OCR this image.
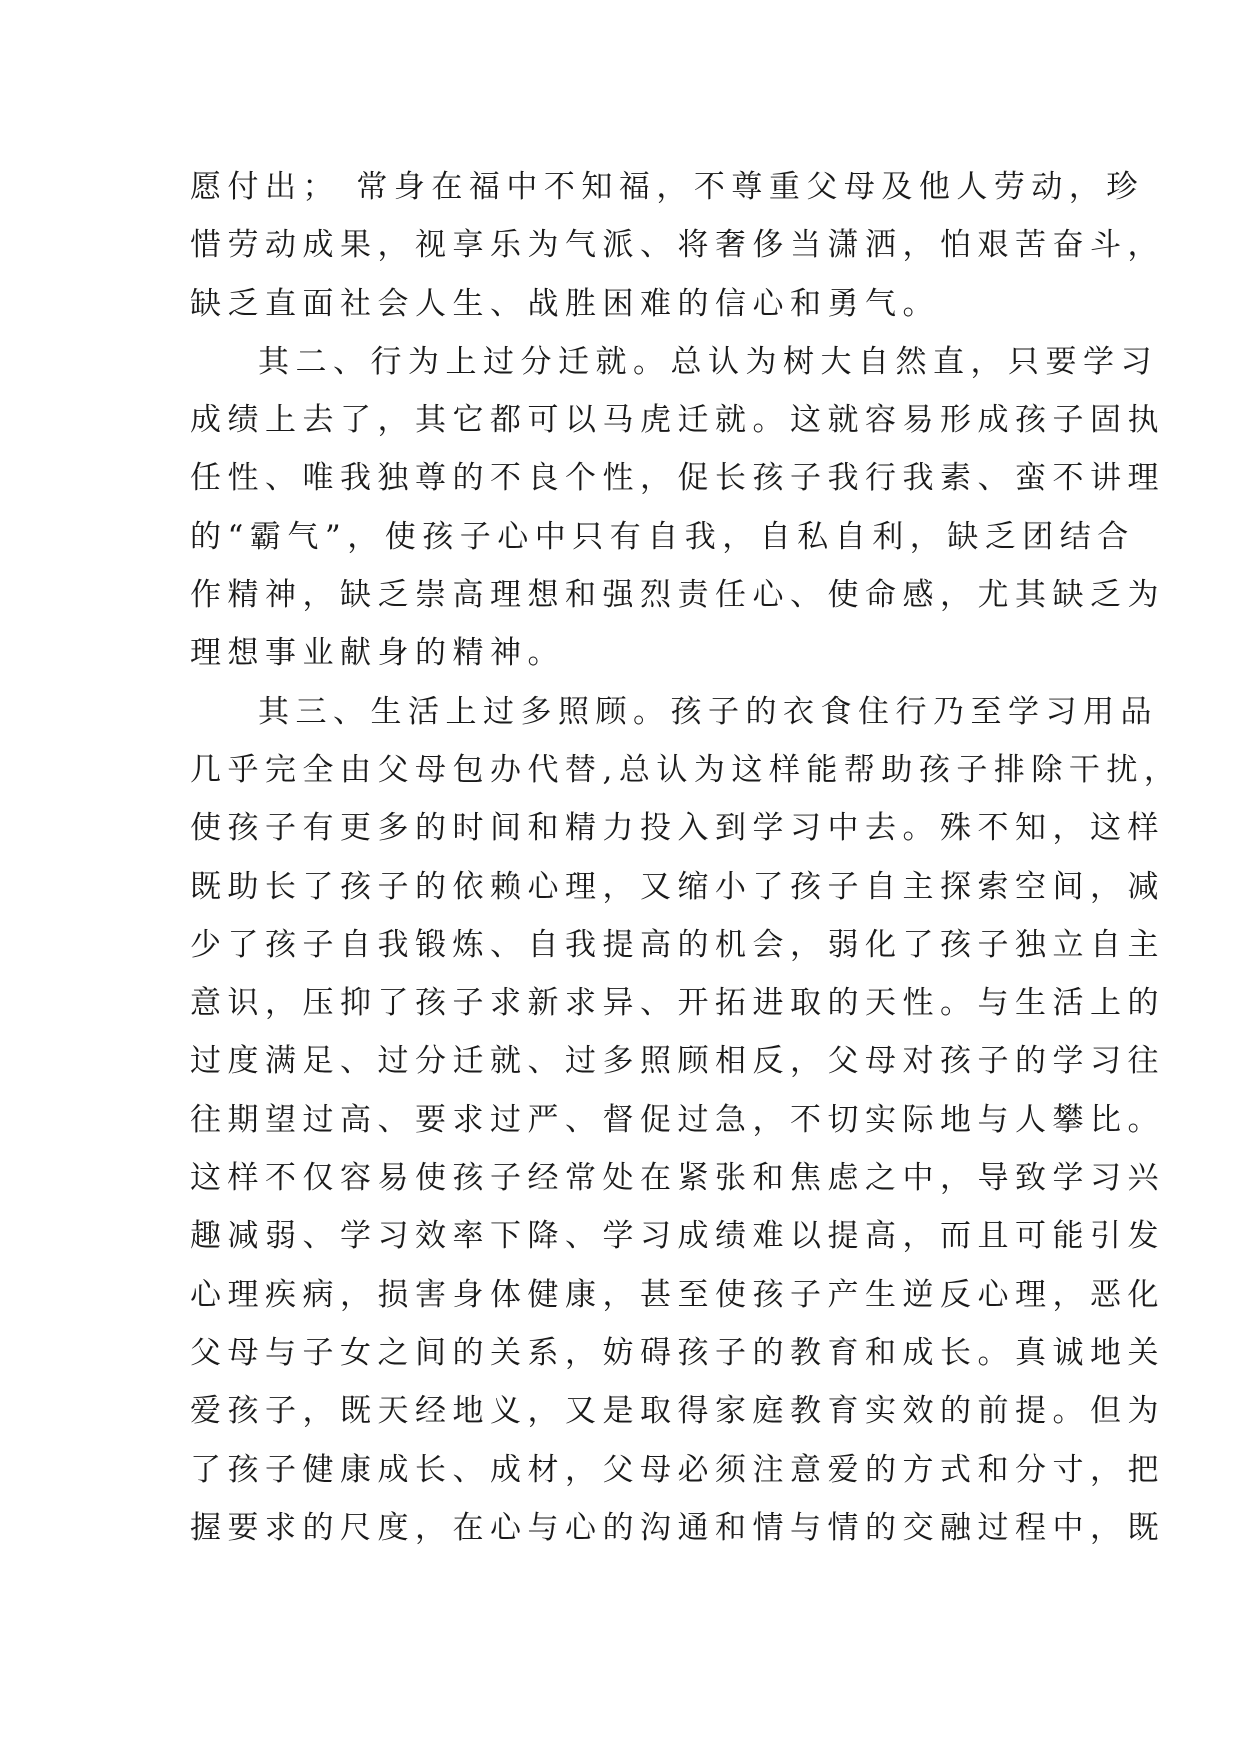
愿付出； 常身在福中不知福，不尊重父母及他人劳动，珍
惜劳动成果，视享乐为气派、将奢侈当潇洒，怕艰苦奋斗，
缺乏直面社会人生、战胜困难的信心和勇气。
其二、行为上过分迁就。总认为树大自然直，只要学习
成绩上去了，其它都可以马虎迁就。这就容易形成孩子固执
任性、唯我独尊的不良个性，促长孩子我行我素、蛮不讲理
的“霸气”，使孩子心中只有自我，自私自利，缺乏团结合
作精神，缺乏崇高理想和强烈责任心、使命感，尤其缺乏为
理想事业献身的精神。
其三、生活上过多照顾。孩子的衣食住行乃至学习用品
几乎完全由父母包办代替,总认为这样能帮助孩子排除干扰，
使孩子有更多的时间和精力投入到学习中去。殊不知，这样
既助长了孩子的依赖心理，又缩小了孩子自主探索空间，减
少了孩子自我锻炼、自我提高的机会，弱化了孩子独立自主
意识，压抑了孩子求新求异、开拓进取的天性。与生活上的
过度满足、过分迁就、过多照顾相反，父母对孩子的学习往
往期望过高、要求过严、督促过急，不切实际地与人攀比。
这样不仅容易使孩子经常处在紧张和焦虑之中，导致学习兴
趣减弱、学习效率下降、学习成绩难以提高，而且可能引发
心理疾病，损害身体健康，甚至使孩子产生逆反心理，恶化
父母与子女之间的关系，妨碍孩子的教育和成长。真诚地关
爱孩子，既天经地义，又是取得家庭教育实效的前提。但为
了孩子健康成长、成材，父母必须注意爱的方式和分寸，把
握要求的尺度，在心与心的沟通和情与情的交融过程中，既
